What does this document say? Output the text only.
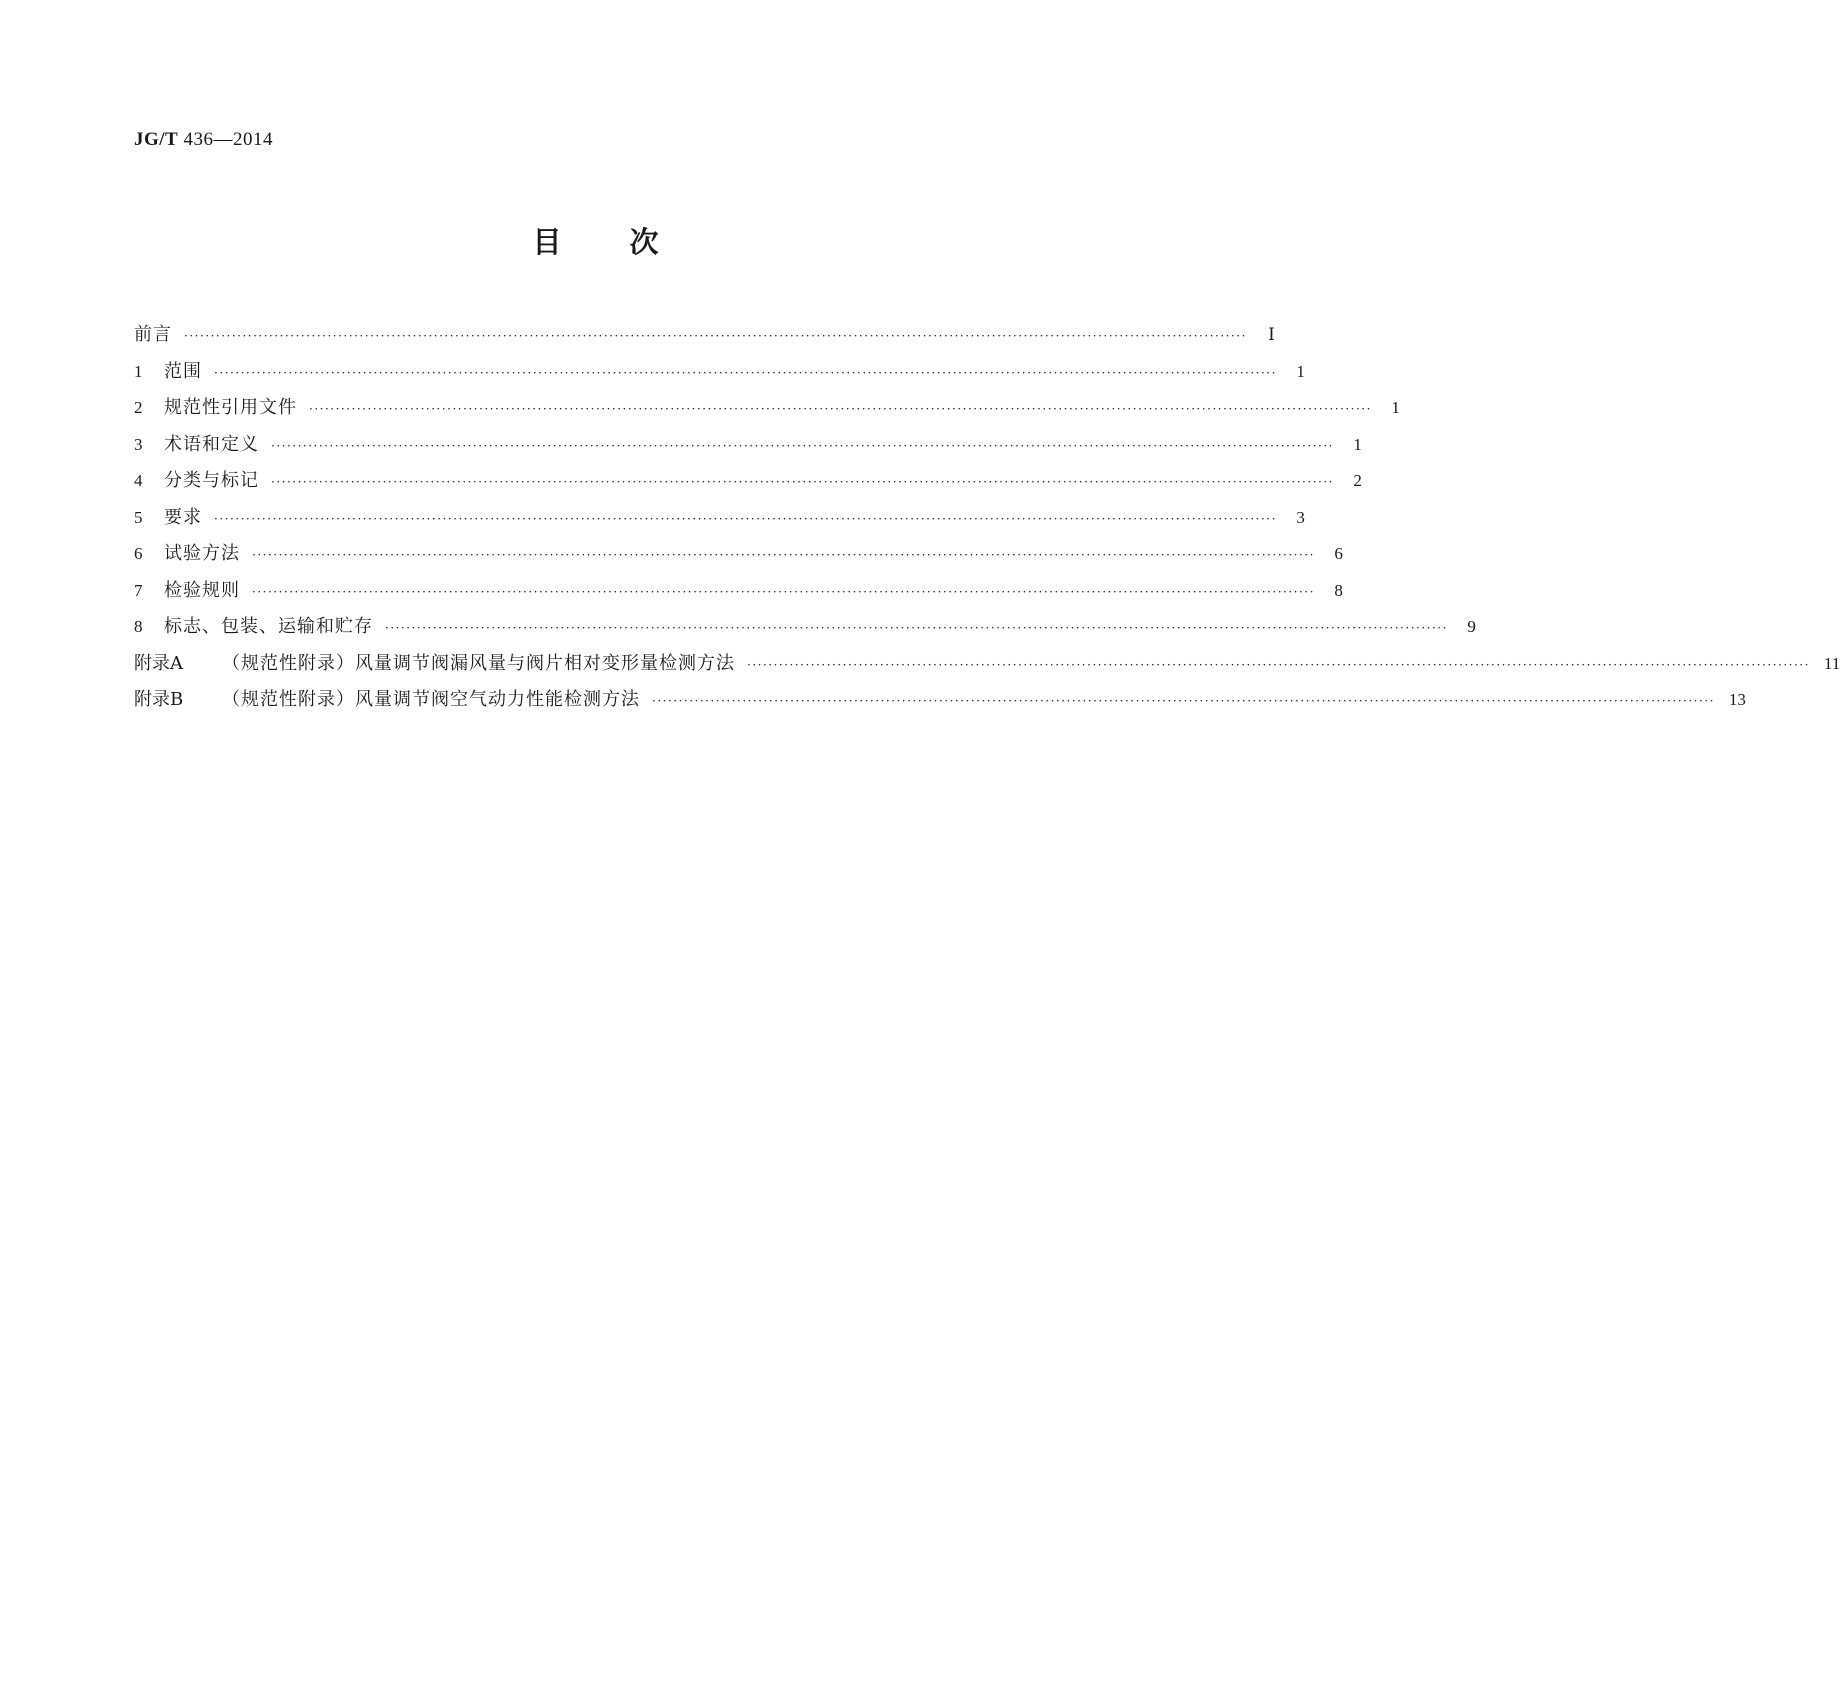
JG/T 436—2014
目 次
前言 ········································································································································································································	Ⅰ
1	范围 ········································································································································································································	1
2	规范性引用文件 ········································································································································································································	1
3	术语和定义 ········································································································································································································	1
4	分类与标记 ········································································································································································································	2
5	要求 ········································································································································································································	3
6	试验方法 ········································································································································································································	6
7	检验规则 ········································································································································································································	8
8	标志、包装、运输和贮存 ········································································································································································································	9
附录A	（规范性附录）风量调节阀漏风量与阀片相对变形量检测方法 ········································································································································································································ 11
附录B	（规范性附录）风量调节阀空气动力性能检测方法 ········································································································································································································ 13
